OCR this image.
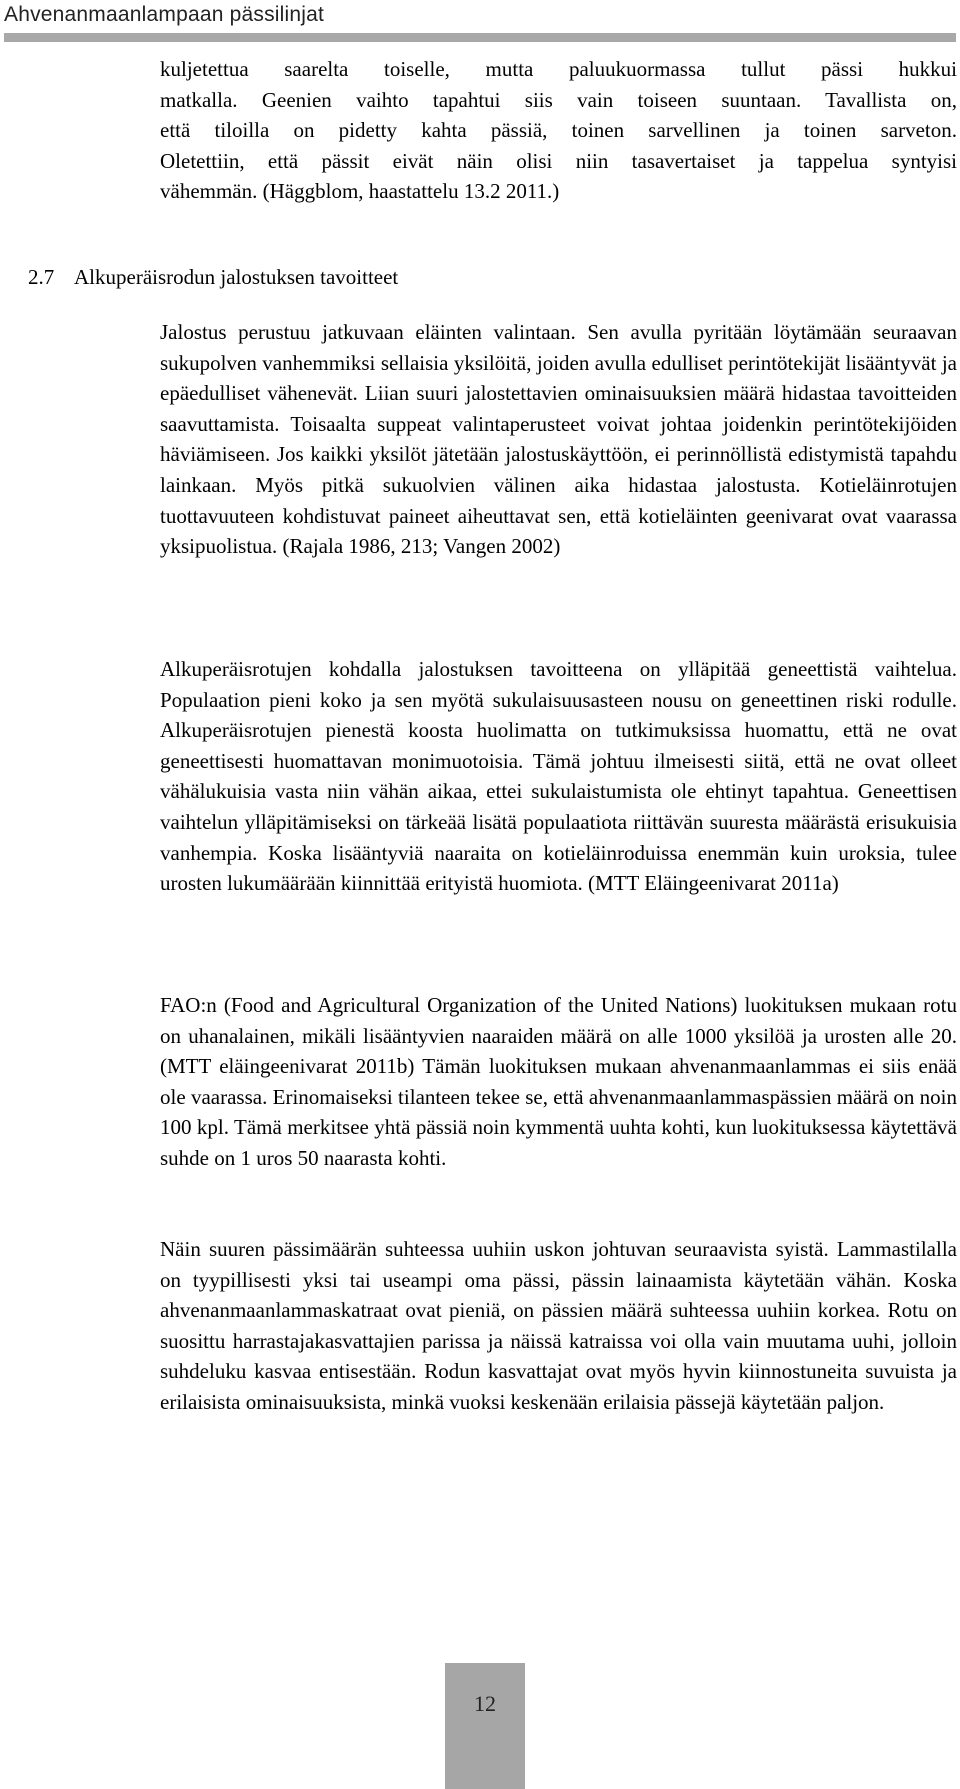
Ahvenanmaanlampaan pässilinjat
kuljetettua saarelta toiselle, mutta paluukuormassa tullut pässi hukkui
matkalla. Geenien vaihto tapahtui siis vain toiseen suuntaan. Tavallista on,
että tiloilla on pidetty kahta pässiä, toinen sarvellinen ja toinen sarveton.
Oletettiin, että pässit eivät näin olisi niin tasavertaiset ja tappelua syntyisi
vähemmän. (Häggblom, haastattelu 13.2 2011.)
2.7 Alkuperäisrodun jalostuksen tavoitteet

Jalostus perustuu jatkuvaan eläinten valintaan. Sen avulla pyritään löytämään seuraavan sukupolven vanhemmiksi sellaisia yksilöitä, joiden avulla edulliset perintötekijät lisääntyvät ja epäedulliset vähenevät. Liian suuri jalostettavien ominaisuuksien määrä hidastaa tavoitteiden saavuttamista. Toisaalta suppeat valintaperusteet voivat johtaa joidenkin perintötekijöiden häviämiseen. Jos kaikki yksilöt jätetään jalostuskäyttöön, ei perinnöllistä edistymistä tapahdu lainkaan. Myös pitkä sukuolvien välinen aika hidastaa jalostusta. Kotieläinrotujen tuottavuuteen kohdistuvat paineet aiheuttavat sen, että kotieläinten geenivarat ovat vaarassa yksipuolistua. (Rajala 1986, 213; Vangen 2002)

Alkuperäisrotujen kohdalla jalostuksen tavoitteena on ylläpitää geneettistä vaihtelua. Populaation pieni koko ja sen myötä sukulaisuusasteen nousu on geneettinen riski rodulle. Alkuperäisrotujen pienestä koosta huolimatta on tutkimuksissa huomattu, että ne ovat geneettisesti huomattavan monimuotoisia. Tämä johtuu ilmeisesti siitä, että ne ovat olleet vähälukuisia vasta niin vähän aikaa, ettei sukulaistumista ole ehtinyt tapahtua. Geneettisen vaihtelun ylläpitämiseksi on tärkeää lisätä populaatiota riittävän suuresta määrästä erisukuisia vanhempia. Koska lisääntyviä naaraita on kotieläinroduissa enemmän kuin uroksia, tulee urosten lukumäärään kiinnittää erityistä huomiota. (MTT Eläingeenivarat 2011a)

FAO:n (Food and Agricultural Organization of the United Nations) luokituksen mukaan rotu on uhanalainen, mikäli lisääntyvien naaraiden määrä on alle 1000 yksilöä ja urosten alle 20. (MTT eläingeenivarat 2011b) Tämän luokituksen mukaan ahvenanmaanlammas ei siis enää ole vaarassa. Erinomaiseksi tilanteen tekee se, että ahvenanmaanlammaspässien määrä on noin 100 kpl. Tämä merkitsee yhtä pässiä noin kymmentä uuhta kohti, kun luokituksessa käytettävä suhde on 1 uros 50 naarasta kohti.

Näin suuren pässimäärän suhteessa uuhiin uskon johtuvan seuraavista syistä. Lammastilalla on tyypillisesti yksi tai useampi oma pässi, pässin lainaamista käytetään vähän. Koska ahvenanmaanlammaskatraat ovat pieniä, on pässien määrä suhteessa uuhiin korkea. Rotu on suosittu harrastajakasvattajien parissa ja näissä katraissa voi olla vain muutama uuhi, jolloin suhdeluku kasvaa entisestään. Rodun kasvattajat ovat myös hyvin kiinnostuneita suvuista ja erilaisista ominaisuuksista, minkä vuoksi keskenään erilaisia pässejä käytetään paljon.

12
